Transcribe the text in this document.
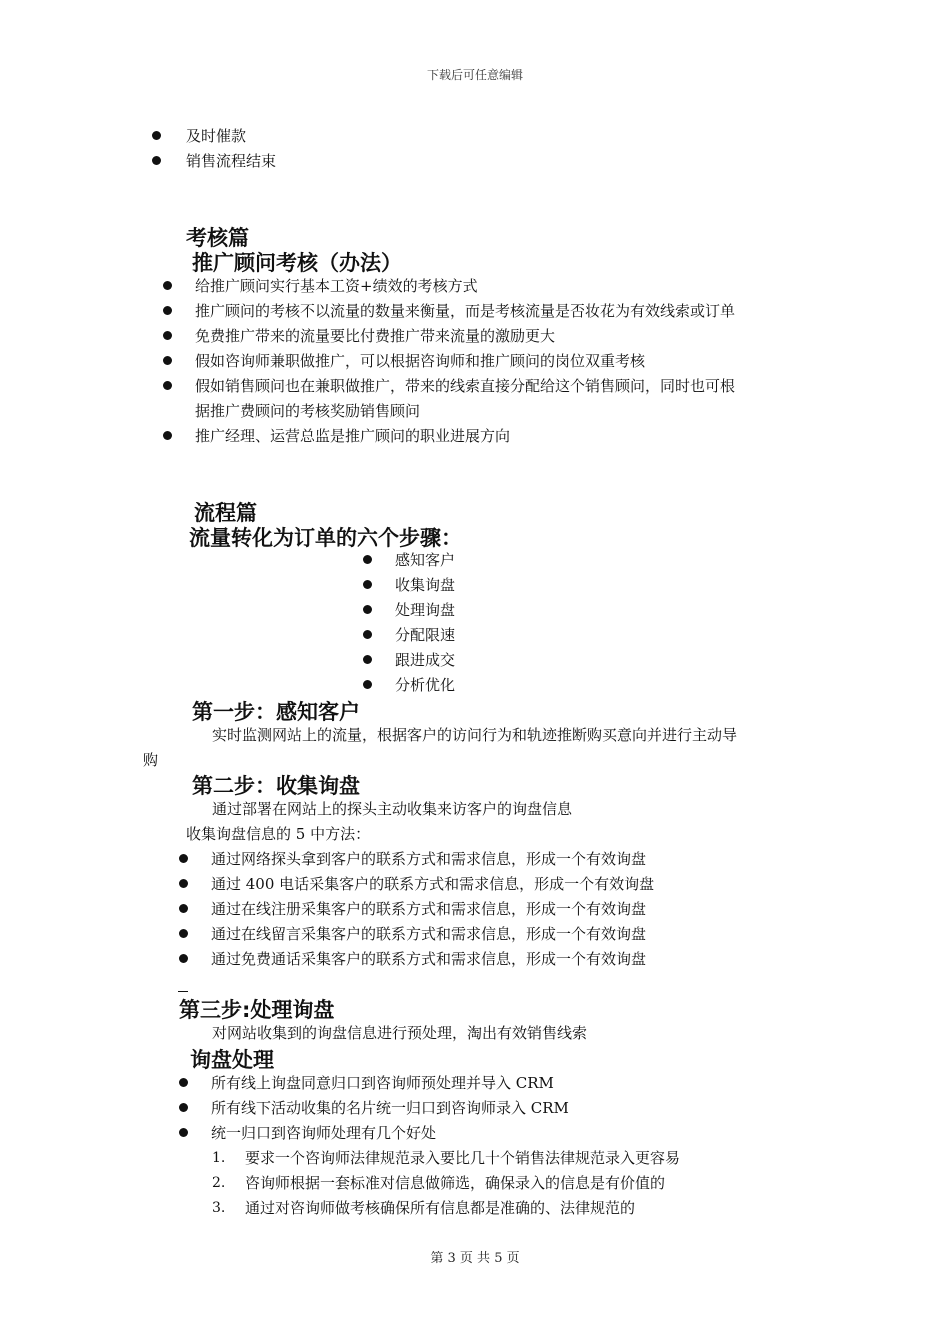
下载后可任意编辑
及时催款
销售流程结束
考核篇
推广顾问考核（办法）
给推广顾问实行基本工资+绩效的考核方式
推广顾问的考核不以流量的数量来衡量，而是考核流量是否妆花为有效线索或订单
免费推广带来的流量要比付费推广带来流量的激励更大
假如咨询师兼职做推广，可以根据咨询师和推广顾问的岗位双重考核
假如销售顾问也在兼职做推广，带来的线索直接分配给这个销售顾问，同时也可根
据推广费顾问的考核奖励销售顾问
推广经理、运营总监是推广顾问的职业进展方向
流程篇
流量转化为订单的六个步骤：
感知客户
收集询盘
处理询盘
分配限速
跟进成交
分析优化
第一步：感知客户
实时监测网站上的流量，根据客户的访问行为和轨迹推断购买意向并进行主动导
购
第二步：收集询盘
通过部署在网站上的探头主动收集来访客户的询盘信息
收集询盘信息的 5 中方法：
通过网络探头拿到客户的联系方式和需求信息，形成一个有效询盘
通过 400 电话采集客户的联系方式和需求信息，形成一个有效询盘
通过在线注册采集客户的联系方式和需求信息，形成一个有效询盘
通过在线留言采集客户的联系方式和需求信息，形成一个有效询盘
通过免费通话采集客户的联系方式和需求信息，形成一个有效询盘
第三步:处理询盘
对网站收集到的询盘信息进行预处理，淘出有效销售线索
询盘处理
所有线上询盘同意归口到咨询师预处理并导入 CRM
所有线下活动收集的名片统一归口到咨询师录入 CRM
统一归口到咨询师处理有几个好处
1. 要求一个咨询师法律规范录入要比几十个销售法律规范录入更容易
2. 咨询师根据一套标准对信息做筛选，确保录入的信息是有价值的
3. 通过对咨询师做考核确保所有信息都是准确的、法律规范的
第 3 页 共 5 页
